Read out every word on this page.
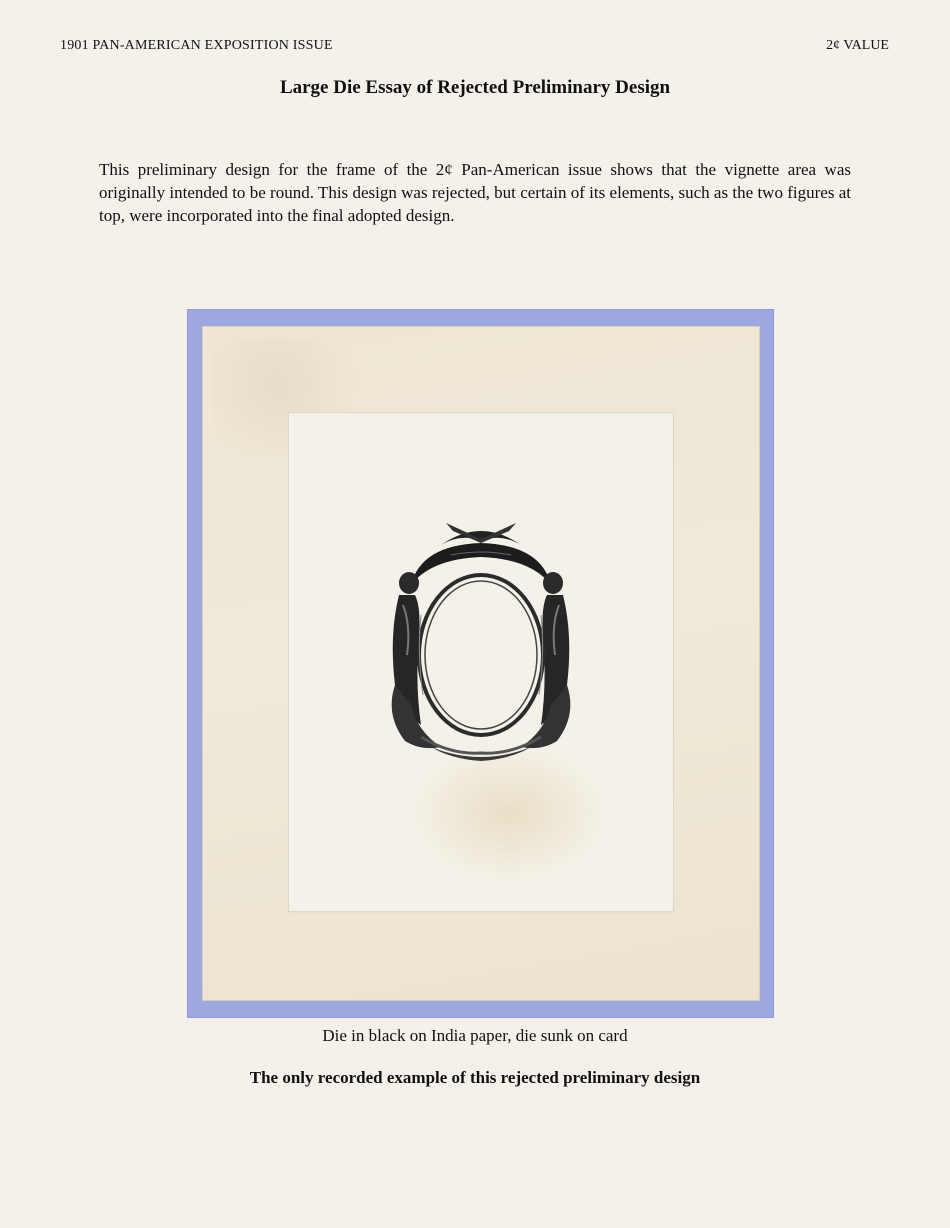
1901 PAN-AMERICAN EXPOSITION ISSUE	2¢ VALUE
Large Die Essay of Rejected Preliminary Design
This preliminary design for the frame of the 2¢ Pan-American issue shows that the vignette area was originally intended to be round. This design was rejected, but certain of its elements, such as the two figures at top, were incorporated into the final adopted design.
Die in black on India paper, die sunk on card
The only recorded example of this rejected preliminary design
